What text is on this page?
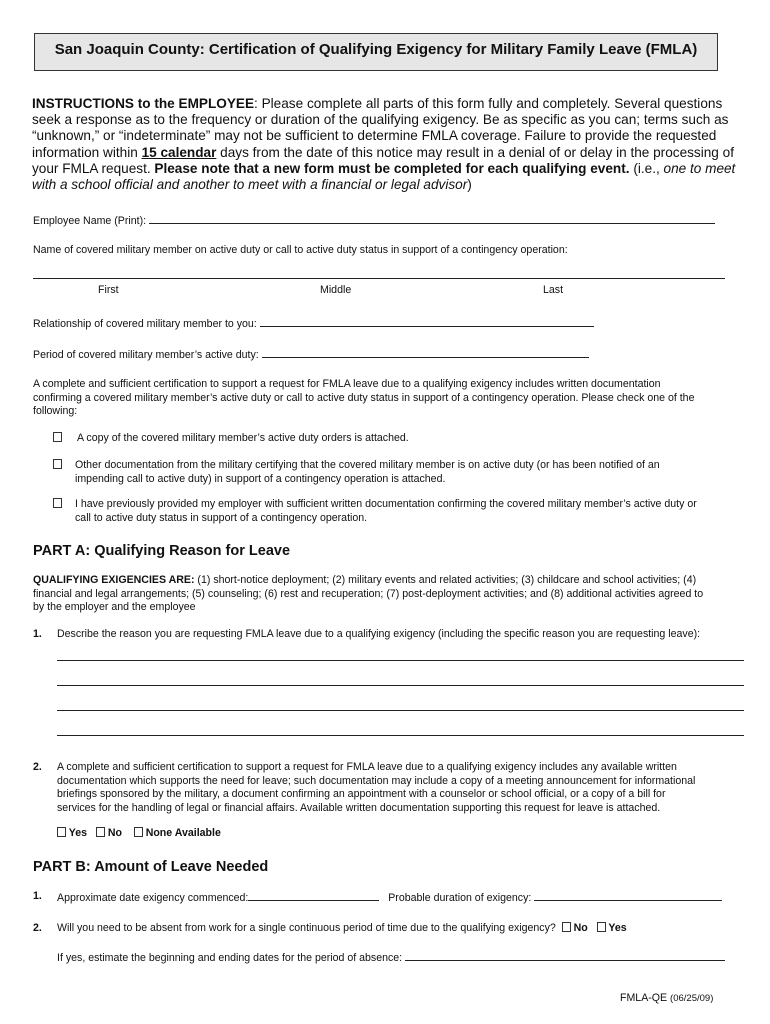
San Joaquin County: Certification of Qualifying Exigency for Military Family Leave (FMLA)
INSTRUCTIONS to the EMPLOYEE: Please complete all parts of this form fully and completely. Several questions
seek a response as to the frequency or duration of the qualifying exigency. Be as specific as you can; terms such as
“unknown,” or “indeterminate” may not be sufficient to determine FMLA coverage. Failure to provide the requested
information within 15 calendar days from the date of this notice may result in a denial of or delay in the processing of
your FMLA request. Please note that a new form must be completed for each qualifying event. (i.e., one to meet
with a school official and another to meet with a financial or legal advisor)
Employee Name (Print):
Name of covered military member on active duty or call to active duty status in support of a contingency operation:
First	Middle	Last
Relationship of covered military member to you:
Period of covered military member’s active duty:
A complete and sufficient certification to support a request for FMLA leave due to a qualifying exigency includes written documentation
confirming a covered military member’s active duty or call to active duty status in support of a contingency operation. Please check one of the
following:
A copy of the covered military member’s active duty orders is attached.
Other documentation from the military certifying that the covered military member is on active duty (or has been notified of an
impending call to active duty) in support of a contingency operation is attached.
I have previously provided my employer with sufficient written documentation confirming the covered military member’s active duty or
call to active duty status in support of a contingency operation.
PART A: Qualifying Reason for Leave
QUALIFYING EXIGENCIES ARE: (1) short-notice deployment; (2) military events and related activities; (3) childcare and school activities; (4)
financial and legal arrangements; (5) counseling; (6) rest and recuperation; (7) post-deployment activities; and (8) additional activities agreed to
by the employer and the employee
1. Describe the reason you are requesting FMLA leave due to a qualifying exigency (including the specific reason you are requesting leave):
2. A complete and sufficient certification to support a request for FMLA leave due to a qualifying exigency includes any available written
documentation which supports the need for leave; such documentation may include a copy of a meeting announcement for informational
briefings sponsored by the military, a document confirming an appointment with a counselor or school official, or a copy of a bill for
services for the handling of legal or financial affairs. Available written documentation supporting this request for leave is attached.
Yes No None Available
PART B: Amount of Leave Needed
1. Approximate date exigency commenced:	Probable duration of exigency:
2. Will you need to be absent from work for a single continuous period of time due to the qualifying exigency? No Yes
If yes, estimate the beginning and ending dates for the period of absence:
FMLA-QE (06/25/09)
